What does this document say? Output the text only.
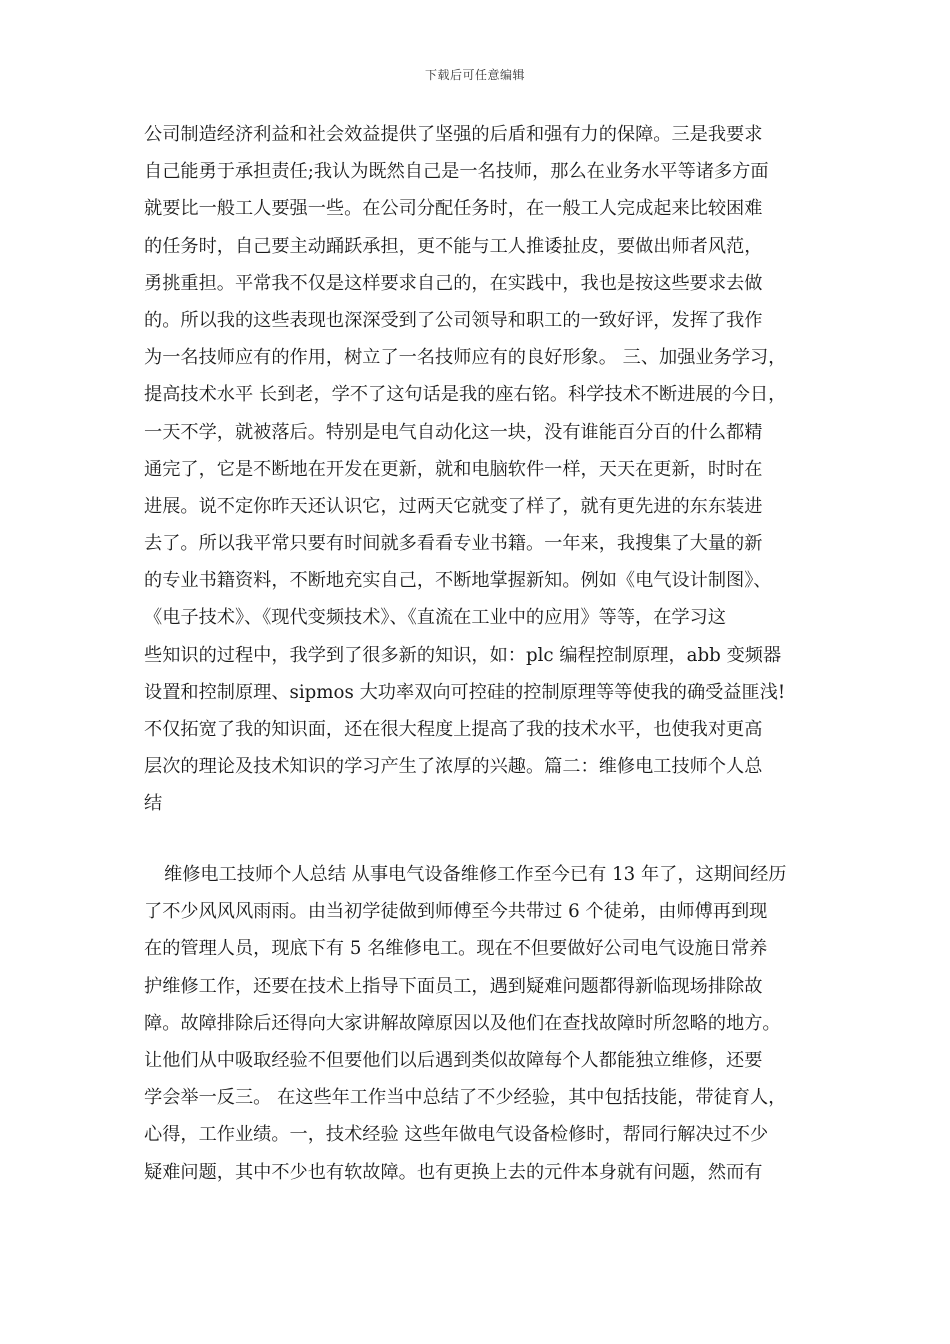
下载后可任意编辑
公司制造经济利益和社会效益提供了坚强的后盾和强有力的保障。三是我要求
自己能勇于承担责任;我认为既然自己是一名技师，那么在业务水平等诸多方面
就要比一般工人要强一些。在公司分配任务时，在一般工人完成起来比较困难
的任务时，自己要主动踊跃承担，更不能与工人推诿扯皮，要做出师者风范，
勇挑重担。平常我不仅是这样要求自己的，在实践中，我也是按这些要求去做
的。所以我的这些表现也深深受到了公司领导和职工的一致好评，发挥了我作
为一名技师应有的作用，树立了一名技师应有的良好形象。 三、加强业务学习，
提高技术水平 长到老，学不了这句话是我的座右铭。科学技术不断进展的今日，
一天不学，就被落后。特别是电气自动化这一块，没有谁能百分百的什么都精
通完了，它是不断地在开发在更新，就和电脑软件一样，天天在更新，时时在
进展。说不定你昨天还认识它，过两天它就变了样了，就有更先进的东东装进
去了。所以我平常只要有时间就多看看专业书籍。一年来，我搜集了大量的新
的专业书籍资料，不断地充实自己，不断地掌握新知。例如《电气设计制图》、
《电子技术》、《现代变频技术》、《直流在工业中的应用》等等，在学习这
些知识的过程中，我学到了很多新的知识，如：plc 编程控制原理，abb 变频器
设置和控制原理、sipmos 大功率双向可控硅的控制原理等等使我的确受益匪浅!
不仅拓宽了我的知识面，还在很大程度上提高了我的技术水平，也使我对更高
层次的理论及技术知识的学习产生了浓厚的兴趣。篇二：维修电工技师个人总
结
维修电工技师个人总结 从事电气设备维修工作至今已有 13 年了，这期间经历
了不少风风风雨雨。由当初学徒做到师傅至今共带过 6 个徒弟，由师傅再到现
在的管理人员，现底下有 5 名维修电工。现在不但要做好公司电气设施日常养
护维修工作，还要在技术上指导下面员工，遇到疑难问题都得新临现场排除故
障。故障排除后还得向大家讲解故障原因以及他们在查找故障时所忽略的地方。
让他们从中吸取经验不但要他们以后遇到类似故障每个人都能独立维修，还要
学会举一反三。 在这些年工作当中总结了不少经验，其中包括技能，带徒育人，
心得，工作业绩。一，技术经验 这些年做电气设备检修时，帮同行解决过不少
疑难问题，其中不少也有软故障。也有更换上去的元件本身就有问题，然而有
